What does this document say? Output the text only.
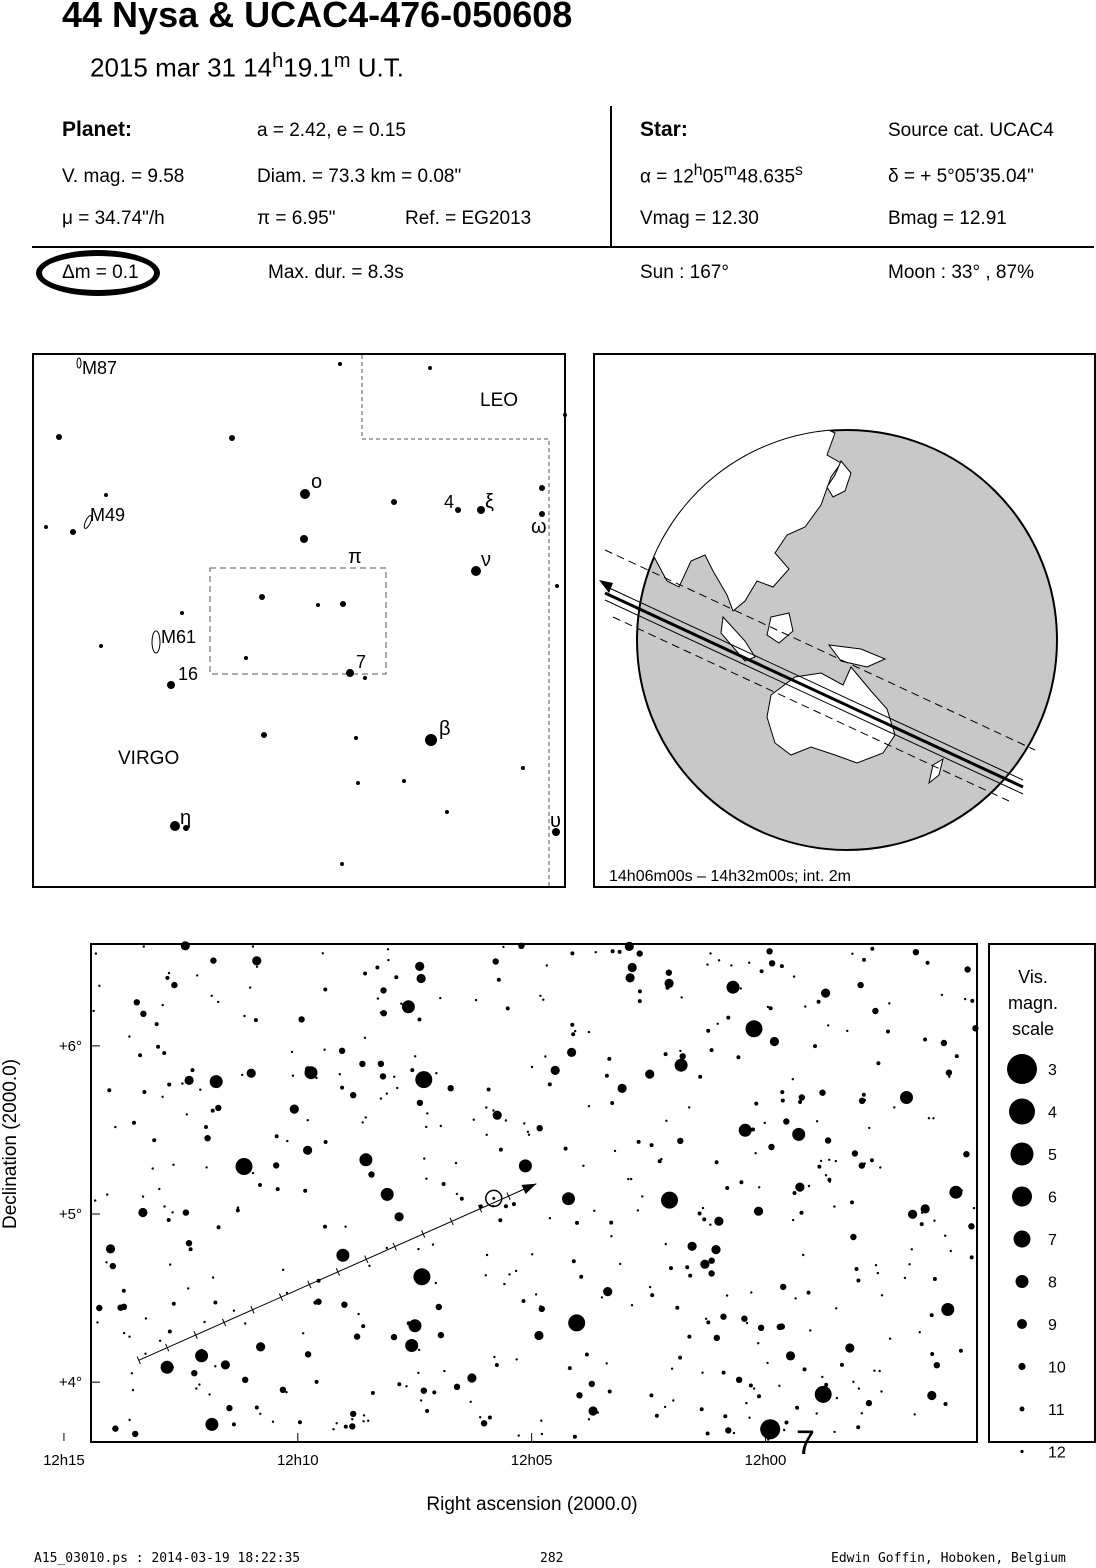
44 Nysa & UCAC4-476-050608
2015 mar 31 14$^h$19.1$^m$ U.T.
Planet:	a = 2.42, e = 0.15
V. mag. = 9.58	Diam. = 73.3 km = 0.08"
μ = 34.74"/h	π = 6.95"	Ref. = EG2013
Star:	Source cat. UCAC4
$\alpha = 12^h05^m48.635^s$	δ = + 5°05'35.04"
Vmag = 12.30	Bmag = 12.91
Δm = 0.1	Max. dur. = 8.3s	Sun : 167°	Moon : 33° , 87%
M87
LEO
o
4 ξ
ω
M49
π	ν
M61
16
7
β
VIRGO
η	υ
14h06m00s – 14h32m00s; int. 2m
7
12h15	12h10	12h05	12h00
+6°
+5°
+4°
Right ascension (2000.0)
Declination (2000.0)
Vis.
magn.
scale
3
4
5
6
7
8
9
10
11
12
A15_03010.ps : 2014-03-19 18:22:35	282	Edwin Goffin, Hoboken, Belgium
